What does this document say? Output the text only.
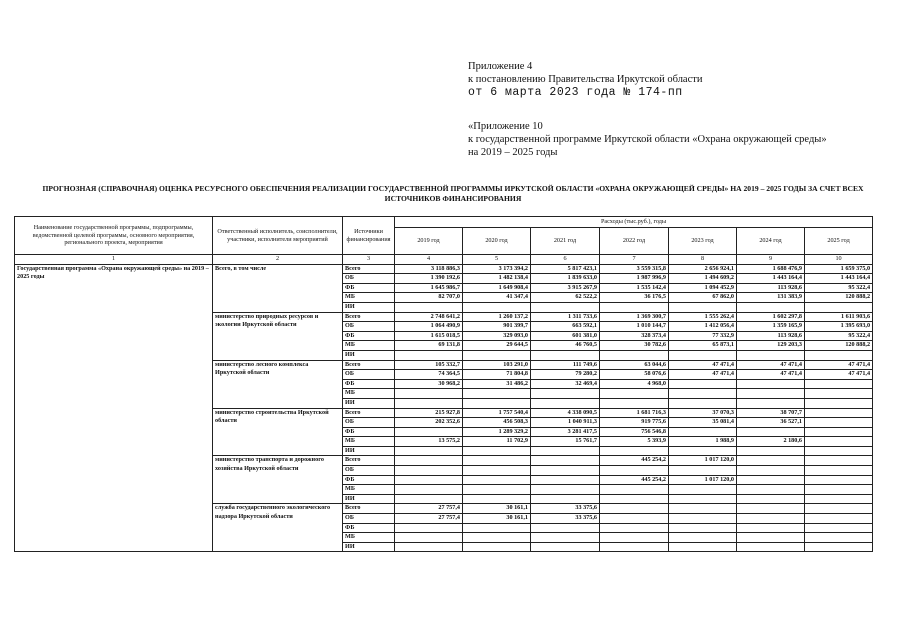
Приложение 4
к постановлению Правительства Иркутской области
от 6 марта 2023 года № 174-пп
«Приложение 10
к государственной программе Иркутской области «Охрана окружающей среды»
на 2019 – 2025 годы
ПРОГНОЗНАЯ (СПРАВОЧНАЯ) ОЦЕНКА РЕСУРСНОГО ОБЕСПЕЧЕНИЯ РЕАЛИЗАЦИИ ГОСУДАРСТВЕННОЙ ПРОГРАММЫ ИРКУТСКОЙ ОБЛАСТИ «ОХРАНА ОКРУЖАЮЩЕЙ СРЕДЫ» НА 2019 – 2025 ГОДЫ ЗА СЧЕТ ВСЕХ ИСТОЧНИКОВ ФИНАНСИРОВАНИЯ
Наименование государственной программы, подпрограммы, ведомственной целевой программы, основного мероприятия, регионального проекта, мероприятия	Ответственный исполнитель, соисполнители, участники, исполнители мероприятий	Источники финансирования	Расходы (тыс.руб.), годы						
			2019 год	2020 год	2021 год	2022 год	2023 год	2024 год	2025 год
1	2	3	4	5	6	7	8	9	10
Государственная программа «Охрана окружающей среды» на 2019 – 2025 годы	Всего, в том числе	Всего	3 118 886,3	3 173 394,2	5 817 423,1	3 559 315,8	2 656 924,1	1 688 476,9	1 659 375,0
		ОБ	1 390 192,6	1 482 138,4	1 839 633,0	1 987 996,9	1 494 609,2	1 443 164,4	1 443 164,4
		ФБ	1 645 986,7	1 649 908,4	3 915 267,9	1 535 142,4	1 094 452,9	113 928,6	95 322,4
		МБ	82 707,0	41 347,4	62 522,2	36 176,5	67 862,0	131 383,9	120 888,2
		ИИ							
	министерство природных ресурсов и экологии Иркутской области	Всего	2 748 641,2	1 260 137,2	1 311 733,6	1 369 300,7	1 555 262,4	1 602 297,8	1 611 903,6
		ОБ	1 064 490,9	901 399,7	663 592,1	1 010 144,7	1 412 056,4	1 359 165,9	1 395 693,0
		ФБ	1 615 018,5	329 093,0	601 381,0	328 373,4	77 332,9	113 928,6	95 322,4
		МБ	69 131,8	29 644,5	46 760,5	30 782,6	65 873,1	129 203,3	120 888,2
		ИИ							
	министерство лесного комплекса Иркутской области	Всего	105 332,7	103 291,0	111 749,6	63 044,6	47 471,4	47 471,4	47 471,4
		ОБ	74 364,5	71 804,8	79 280,2	58 076,6	47 471,4	47 471,4	47 471,4
		ФБ	30 968,2	31 486,2	32 469,4	4 968,0			
		МБ							
		ИИ							
	министерство строительства Иркутской области	Всего	215 927,8	1 757 540,4	4 338 090,5	1 681 716,3	37 070,3	38 707,7	
		ОБ	202 352,6	456 508,3	1 040 911,3	919 775,6	35 081,4	36 527,1	
		ФБ		1 289 329,2	3 281 417,5	756 546,8			
		МБ	13 575,2	11 702,9	15 761,7	5 393,9	1 988,9	2 180,6	
		ИИ							
	министерство транспорта и дорожного хозяйства Иркутской области	Всего				445 254,2	1 017 120,0		
		ОБ							
		ФБ				445 254,2	1 017 120,0		
		МБ							
		ИИ							
	служба государственного экологического надзора Иркутской области	Всего	27 757,4	30 161,1	33 375,6				
		ОБ	27 757,4	30 161,1	33 375,6				
		ФБ							
		МБ							
		ИИ							
